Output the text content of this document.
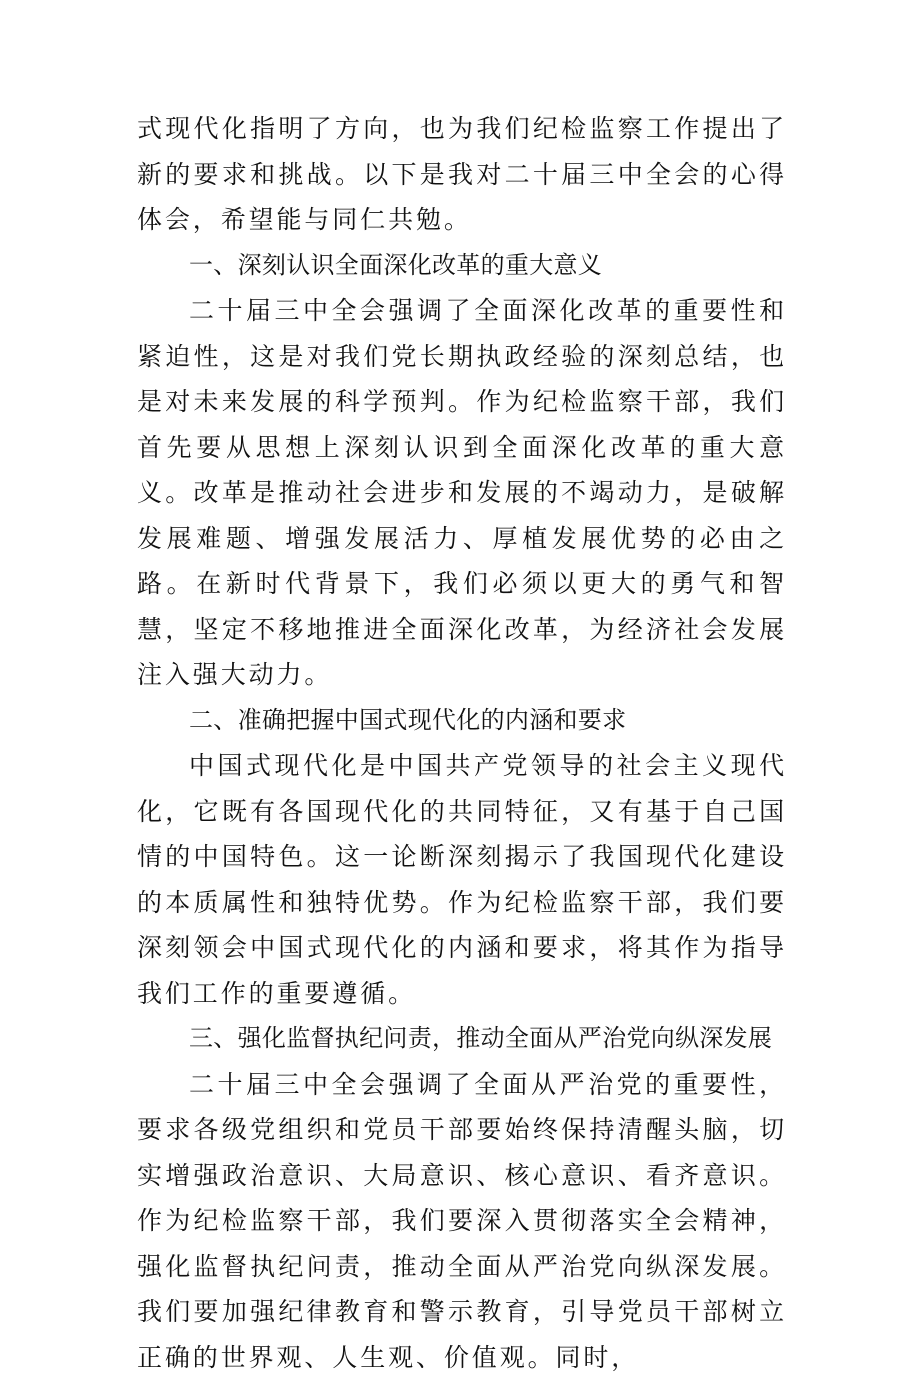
式现代化指明了方向，也为我们纪检监察工作提出了新的要求和挑战。以下是我对二十届三中全会的心得体会，希望能与同仁共勉。

一、深刻认识全面深化改革的重大意义

二十届三中全会强调了全面深化改革的重要性和紧迫性，这是对我们党长期执政经验的深刻总结，也是对未来发展的科学预判。作为纪检监察干部，我们首先要从思想上深刻认识到全面深化改革的重大意义。改革是推动社会进步和发展的不竭动力，是破解发展难题、增强发展活力、厚植发展优势的必由之路。在新时代背景下，我们必须以更大的勇气和智慧，坚定不移地推进全面深化改革，为经济社会发展注入强大动力。

二、准确把握中国式现代化的内涵和要求

中国式现代化是中国共产党领导的社会主义现代化，它既有各国现代化的共同特征，又有基于自己国情的中国特色。这一论断深刻揭示了我国现代化建设的本质属性和独特优势。作为纪检监察干部，我们要深刻领会中国式现代化的内涵和要求，将其作为指导我们工作的重要遵循。

三、强化监督执纪问责，推动全面从严治党向纵深发展

二十届三中全会强调了全面从严治党的重要性，要求各级党组织和党员干部要始终保持清醒头脑，切实增强政治意识、大局意识、核心意识、看齐意识。作为纪检监察干部，我们要深入贯彻落实全会精神，强化监督执纪问责，推动全面从严治党向纵深发展。我们要加强纪律教育和警示教育，引导党员干部树立正确的世界观、人生观、价值观。同时，
